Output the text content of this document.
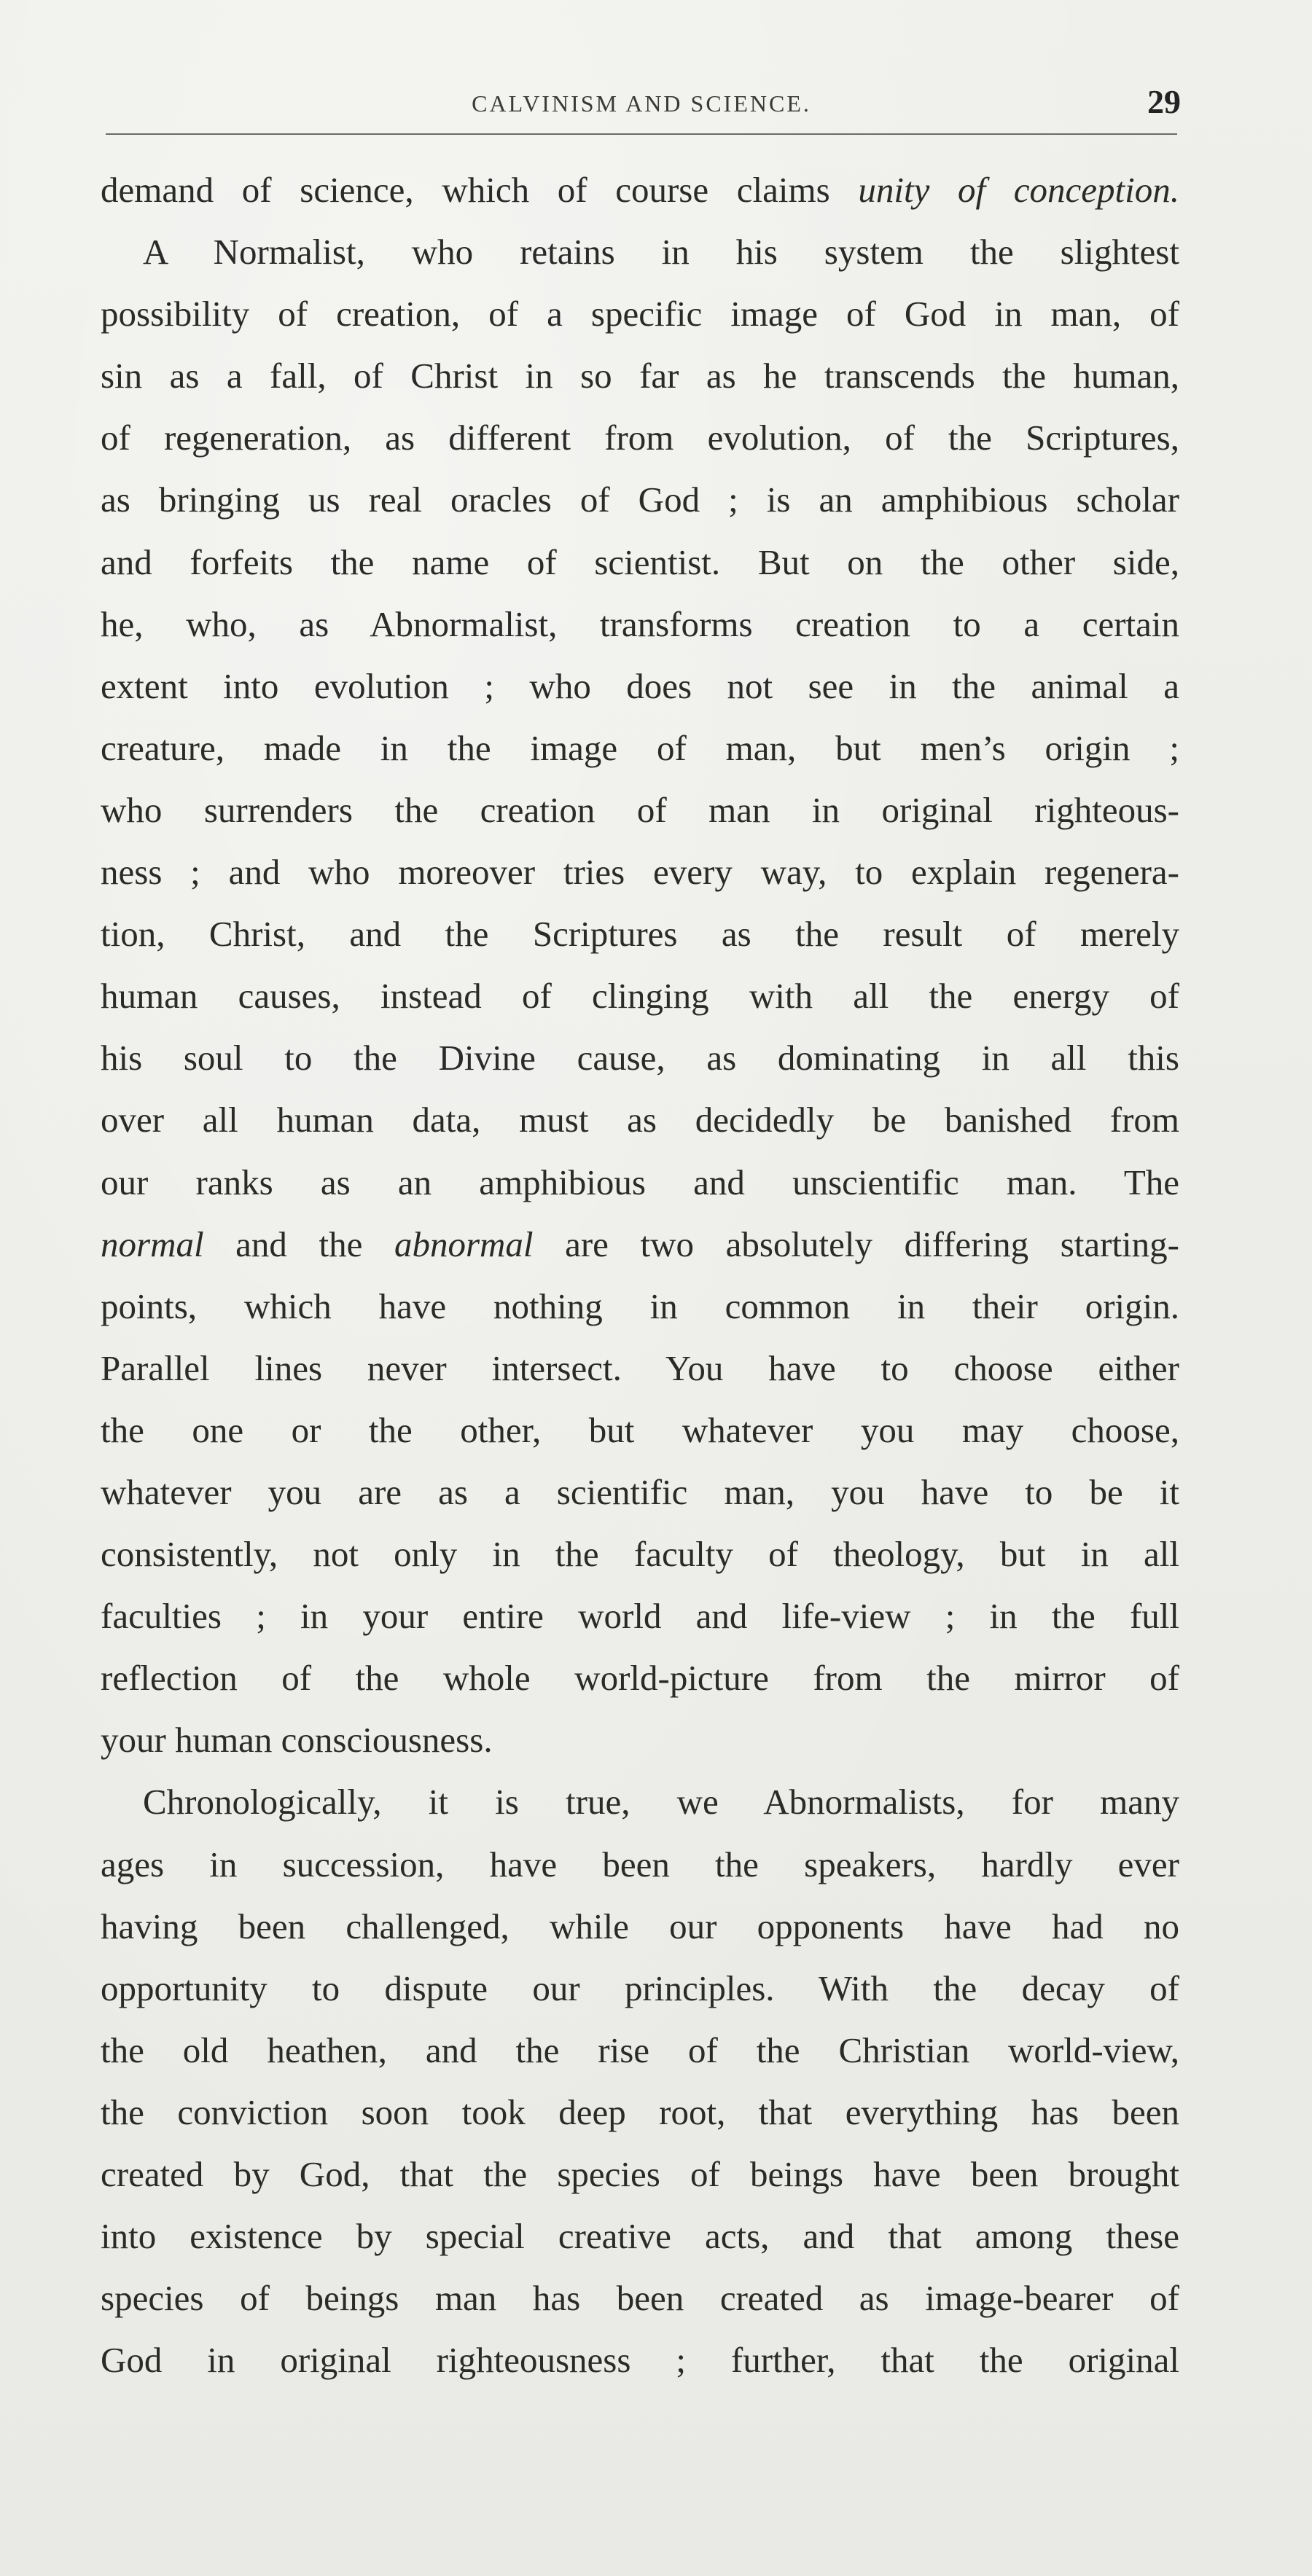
CALVINISM AND SCIENCE.	29
demand of science, which of course claims unity of conception.
A Normalist, who retains in his system the slightest
possibility of creation, of a specific image of God in man, of
sin as a fall, of Christ in so far as he transcends the human,
of regeneration, as different from evolution, of the Scriptures,
as bringing us real oracles of God ; is an amphibious scholar
and forfeits the name of scientist. But on the other side,
he, who, as Abnormalist, transforms creation to a certain
extent into evolution ; who does not see in the animal a
creature, made in the image of man, but men’s origin ;
who surrenders the creation of man in original righteous-
ness ; and who moreover tries every way, to explain regenera-
tion, Christ, and the Scriptures as the result of merely
human causes, instead of clinging with all the energy of
his soul to the Divine cause, as dominating in all this
over all human data, must as decidedly be banished from
our ranks as an amphibious and unscientific man. The
normal and the abnormal are two absolutely differing starting-
points, which have nothing in common in their origin.
Parallel lines never intersect. You have to choose either
the one or the other, but whatever you may choose,
whatever you are as a scientific man, you have to be it
consistently, not only in the faculty of theology, but in all
faculties ; in your entire world and life-view ; in the full
reflection of the whole world-picture from the mirror of
your human consciousness.
Chronologically, it is true, we Abnormalists, for many
ages in succession, have been the speakers, hardly ever
having been challenged, while our opponents have had no
opportunity to dispute our principles. With the decay of
the old heathen, and the rise of the Christian world-view,
the conviction soon took deep root, that everything has been
created by God, that the species of beings have been brought
into existence by special creative acts, and that among these
species of beings man has been created as image-bearer of
God in original righteousness ; further, that the original
